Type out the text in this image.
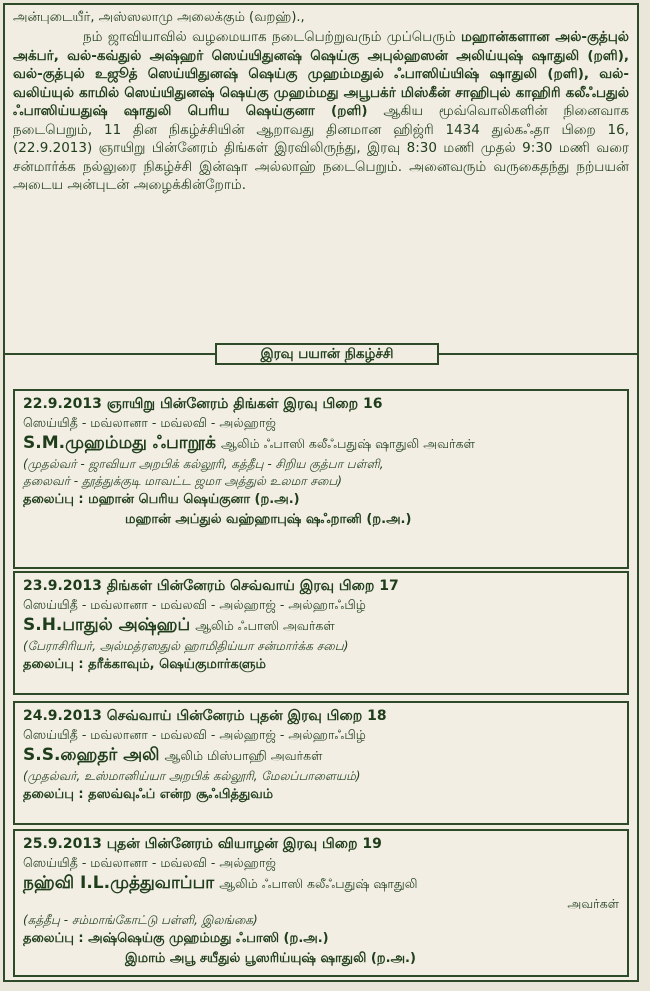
அன்புடையீர், அஸ்ஸலாமு அலைக்கும் (வறஹ்).,

நம் ஜாவியாவில் வழமையாக நடைபெற்றுவரும் முப்பெரும் மஹான்களான அல்-குத்புல் அக்பர், வல்-கவ்துல் அஷ்ஹர் ஸெய்யிதுனஷ் ஷெய்கு அபுல்ஹஸன் அலிய்யுஷ் ஷாதுலி (றளி), வல்-குத்புல் உஜூத் ஸெய்யிதுனஷ் ஷெய்கு முஹம்மதுல் ஃபாஸிய்யிஷ் ஷாதுலி (றளி), வல்-வலிய்யுல் காமில் ஸெய்யிதுனஷ் ஷெய்கு முஹம்மது அபூபக்ர் மிஸ்கீன் சாஹிபுல் காஹிரி கலீஃபதுல் ஃபாஸிய்யதுஷ் ஷாதுலி பெரிய ஷெய்குனா (றளி) ஆகிய மூவ்வொலிகளின் நினைவாக நடைபெறும், 11 தின நிகழ்ச்சியின் ஆறாவது தினமான ஹிஜ்ரி 1434 துல்கஃதா பிறை 16, (22.9.2013) ஞாயிறு பின்னேரம் திங்கள் இரவிலிருந்து, இரவு 8:30 மணி முதல் 9:30 மணி வரை சன்மார்க்க நல்லுரை நிகழ்ச்சி இன்ஷா அல்லாஹ் நடைபெறும். அனைவரும் வருகைதந்து நற்பயன் அடைய அன்புடன் அழைக்கின்றோம்.

இரவு பயான் நிகழ்ச்சி
22.9.2013 ஞாயிறு பின்னேரம் திங்கள் இரவு பிறை 16
ஸெய்யிதீ - மவ்லானா - மவ்லவி - அல்ஹாஜ்
S.M.முஹம்மது ஃபாறூக் ஆலிம் ஃபாஸி கலீஃபதுஷ் ஷாதுலி அவர்கள்
(முதல்வர் - ஜாவியா அறபிக் கல்லூரி, கத்தீபு - சிறிய குத்பா பள்ளி,
தலைவர் - தூத்துக்குடி மாவட்ட ஜமா அத்துல் உலமா சபை)
தலைப்பு : மஹான் பெரிய ஷெய்குனா (ற.அ.)
மஹான் அப்துல் வஹ்ஹாபுஷ் ஷஃறானி (ற.அ.)
23.9.2013 திங்கள் பின்னேரம் செவ்வாய் இரவு பிறை 17
ஸெய்யிதீ - மவ்லானா - மவ்லவி - அல்ஹாஜ் - அல்ஹாஃபிழ்
S.H.பாதுல் அஷ்ஹப் ஆலிம் ஃபாஸி அவர்கள்
(பேராசிரியர், அல்மத்ரஸதுல் ஹாமிதிய்யா சன்மார்க்க சபை)
தலைப்பு : தரீக்காவும், ஷெய்குமார்களும்
24.9.2013 செவ்வாய் பின்னேரம் புதன் இரவு பிறை 18
ஸெய்யிதீ - மவ்லானா - மவ்லவி - அல்ஹாஜ் - அல்ஹாஃபிழ்
S.S.ஹைதர் அலி ஆலிம் மிஸ்பாஹி அவர்கள்
(முதல்வர், உஸ்மானிய்யா அறபிக் கல்லூரி, மேலப்பாளையம்)
தலைப்பு : தஸவ்வுஃப் என்ற சூஃபித்துவம்
25.9.2013 புதன் பின்னேரம் வியாழன் இரவு பிறை 19
ஸெய்யிதீ - மவ்லானா - மவ்லவி - அல்ஹாஜ்
நஹ்வி I.L.முத்துவாப்பா ஆலிம் ஃபாஸி கலீஃபதுஷ் ஷாதுலி
அவர்கள்
(கத்தீபு - சம்மாங்கோட்டு பள்ளி, இலங்கை)
தலைப்பு : அஷ்ஷெய்கு முஹம்மது ஃபாஸி (ற.அ.)
இமாம் அபூ சயீதுல் பூஸரிய்யுஷ் ஷாதுலி (ற.அ.)
